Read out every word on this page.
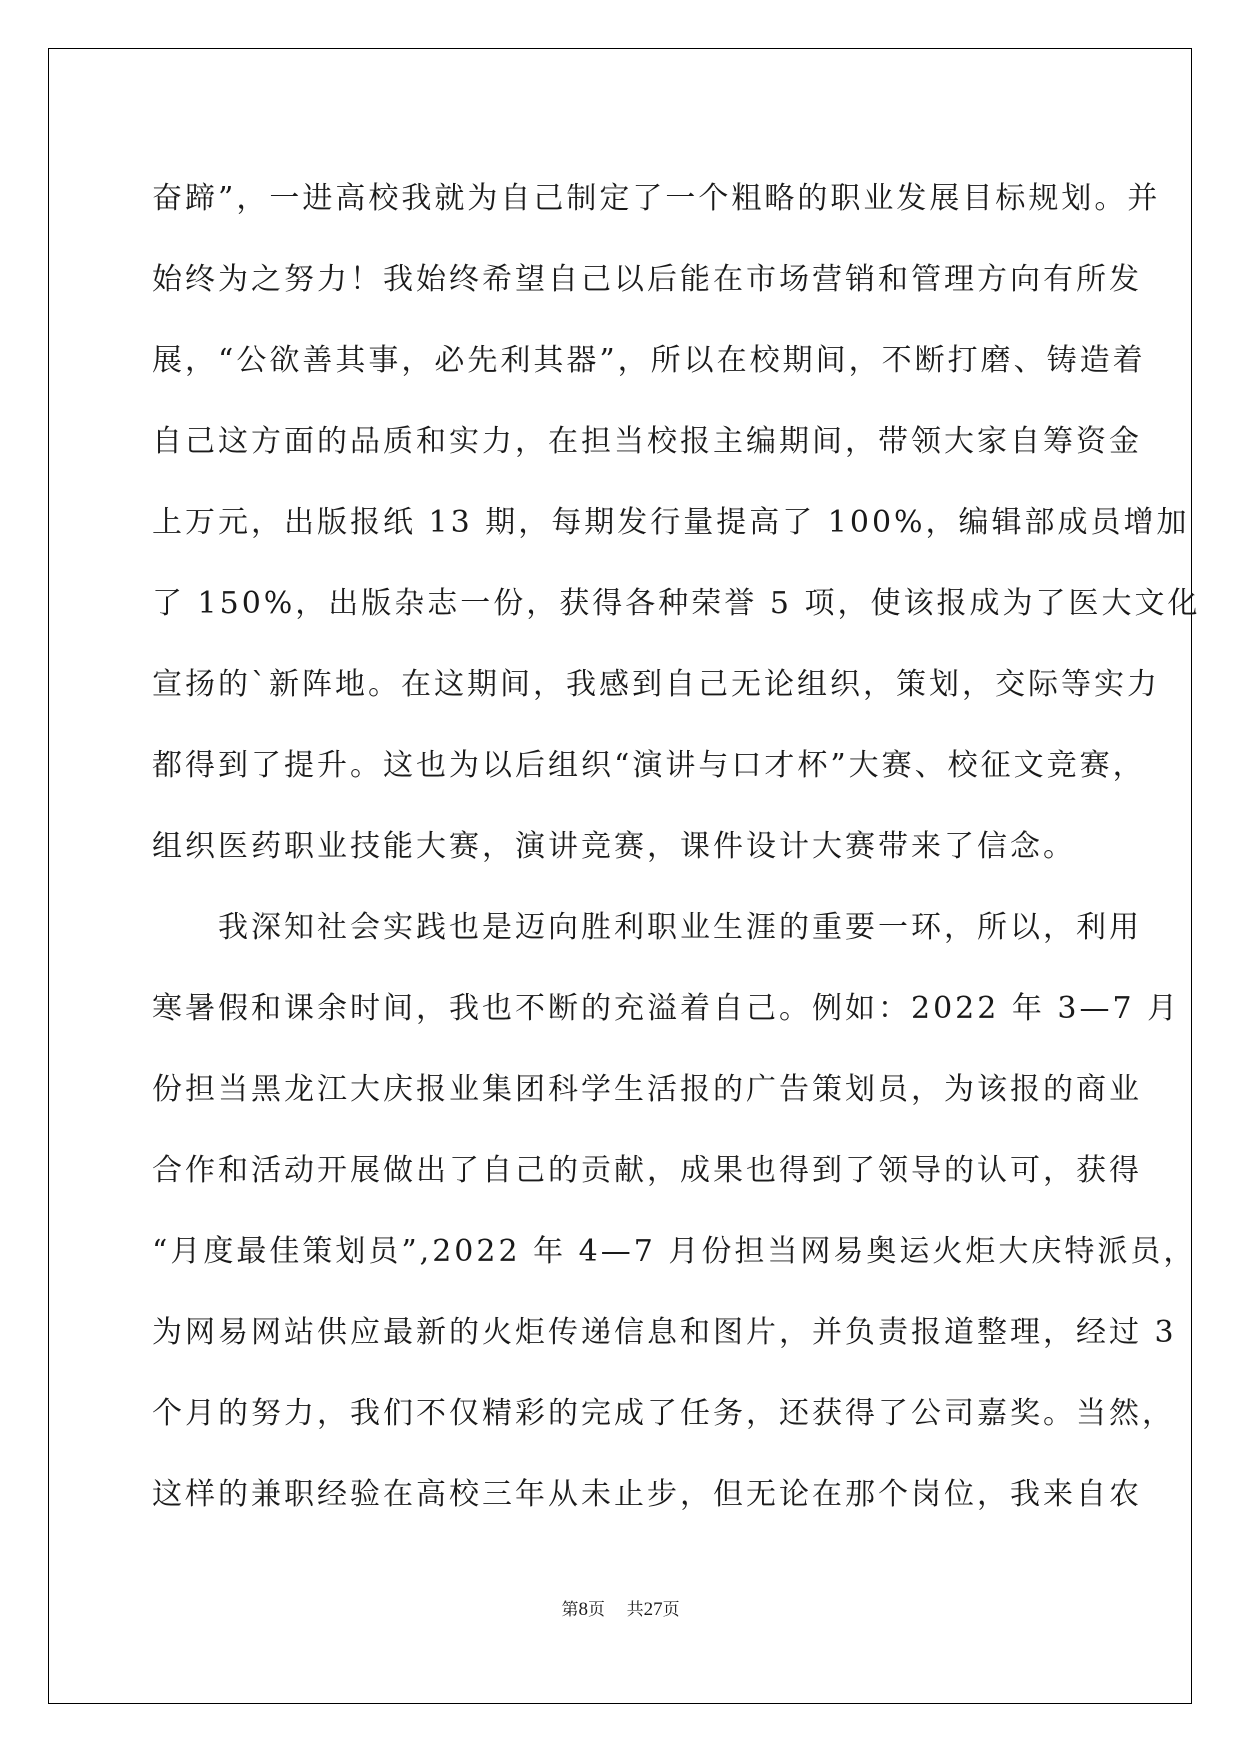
奋蹄”，一进高校我就为自己制定了一个粗略的职业发展目标规划。并
始终为之努力！我始终希望自己以后能在市场营销和管理方向有所发
展，“公欲善其事，必先利其器”，所以在校期间，不断打磨、铸造着
自己这方面的品质和实力，在担当校报主编期间，带领大家自筹资金
上万元，出版报纸 13 期，每期发行量提高了 100%，编辑部成员增加
了 150%，出版杂志一份，获得各种荣誉 5 项，使该报成为了医大文化
宣扬的`新阵地。在这期间，我感到自己无论组织，策划，交际等实力
都得到了提升。这也为以后组织“演讲与口才杯”大赛、校征文竞赛，
组织医药职业技能大赛，演讲竞赛，课件设计大赛带来了信念。
　　我深知社会实践也是迈向胜利职业生涯的重要一环，所以，利用
寒暑假和课余时间，我也不断的充溢着自己。例如：2022 年 3—7 月
份担当黑龙江大庆报业集团科学生活报的广告策划员，为该报的商业
合作和活动开展做出了自己的贡献，成果也得到了领导的认可，获得
“月度最佳策划员”,2022 年 4—7 月份担当网易奥运火炬大庆特派员，
为网易网站供应最新的火炬传递信息和图片，并负责报道整理，经过 3
个月的努力，我们不仅精彩的完成了任务，还获得了公司嘉奖。当然，
这样的兼职经验在高校三年从未止步，但无论在那个岗位，我来自农
第8页 共27页
